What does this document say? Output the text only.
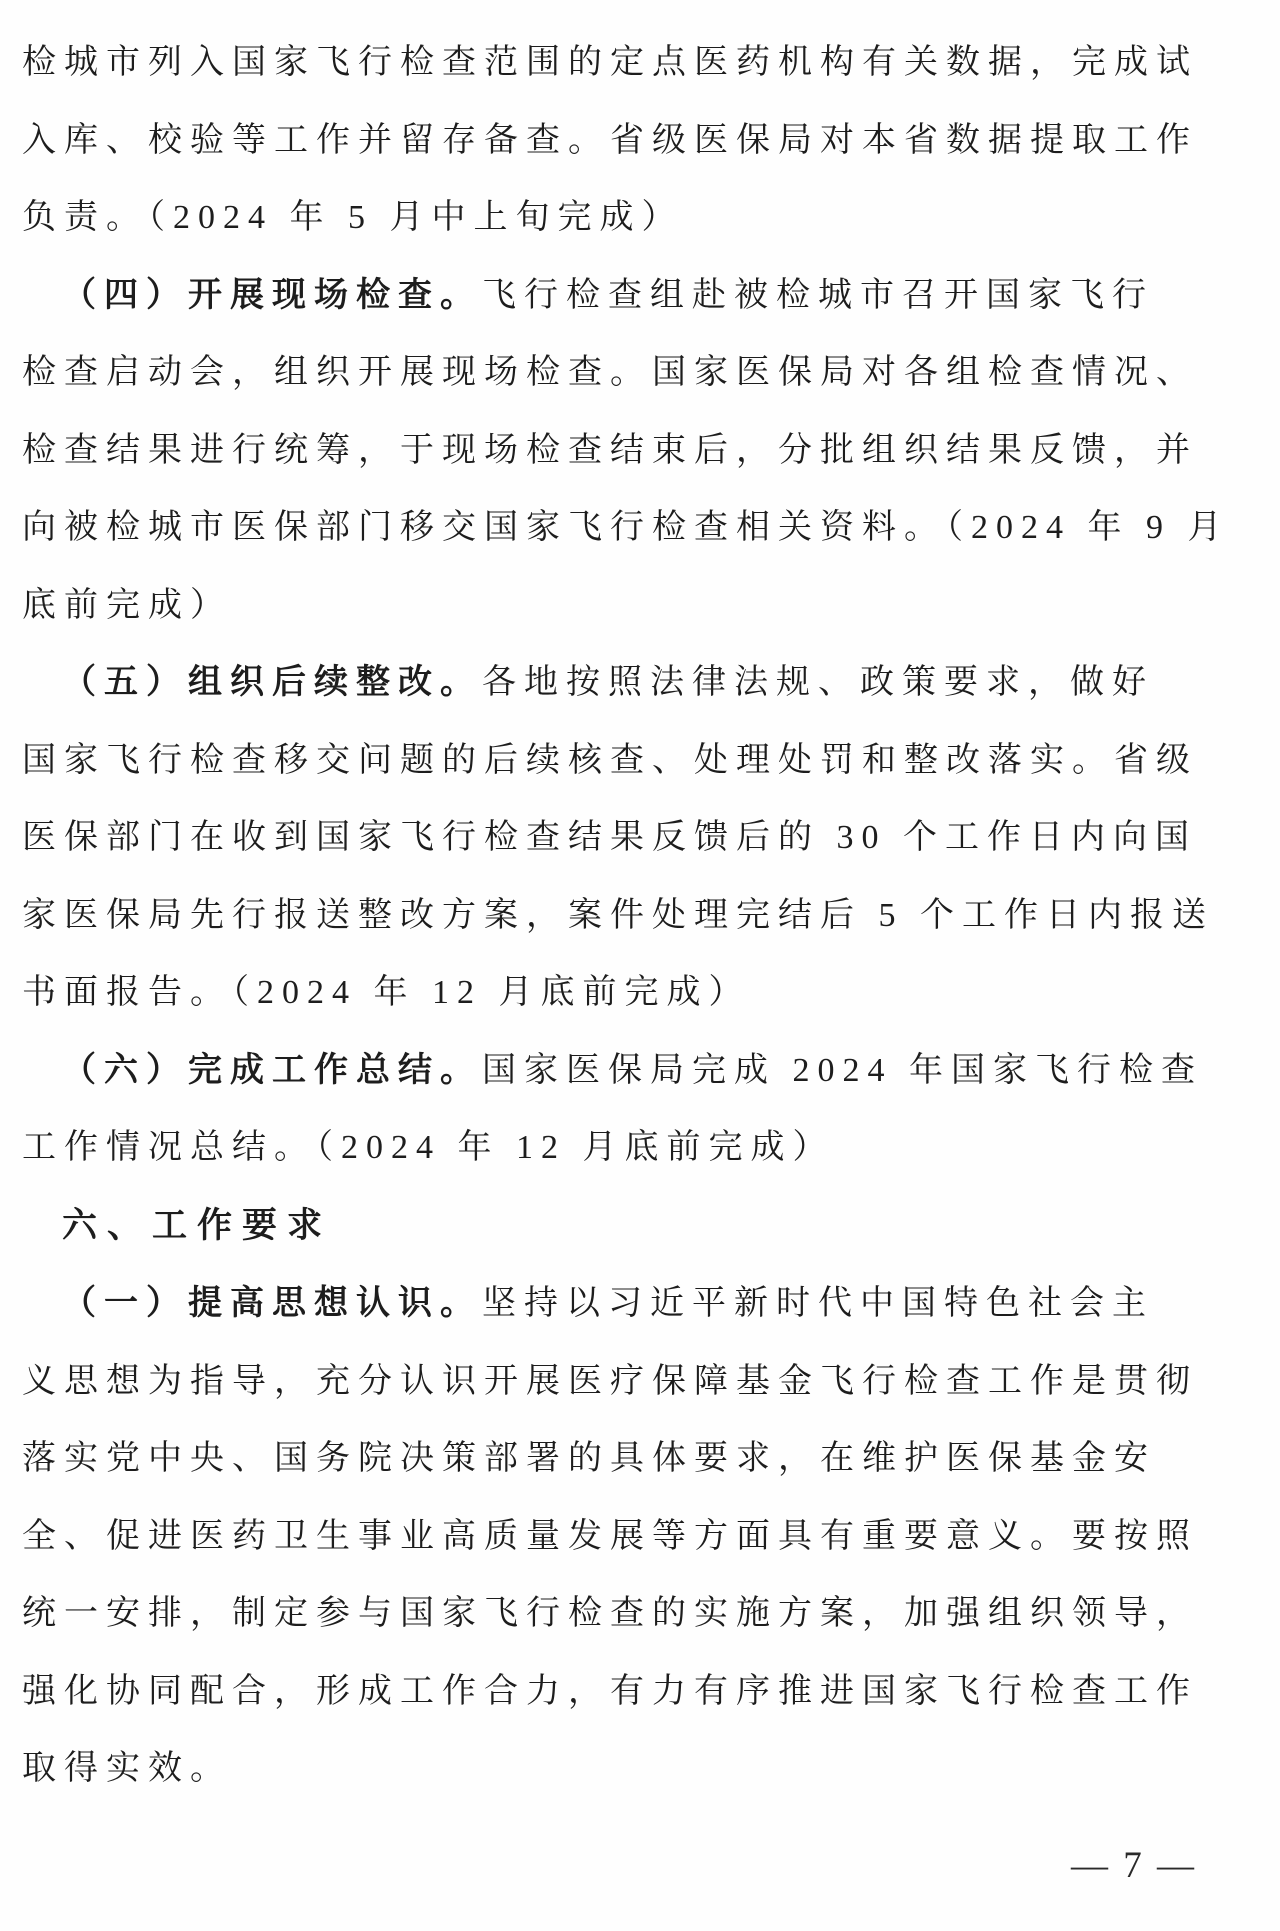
检城市列入国家飞行检查范围的定点医药机构有关数据，完成试
入库、校验等工作并留存备查。省级医保局对本省数据提取工作
负责。（2024 年 5 月中上旬完成）
（四）开展现场检查。飞行检查组赴被检城市召开国家飞行
检查启动会，组织开展现场检查。国家医保局对各组检查情况、
检查结果进行统筹，于现场检查结束后，分批组织结果反馈，并
向被检城市医保部门移交国家飞行检查相关资料。（2024 年 9 月
底前完成）
（五）组织后续整改。各地按照法律法规、政策要求，做好
国家飞行检查移交问题的后续核查、处理处罚和整改落实。省级
医保部门在收到国家飞行检查结果反馈后的 30 个工作日内向国
家医保局先行报送整改方案，案件处理完结后 5 个工作日内报送
书面报告。（2024 年 12 月底前完成）
（六）完成工作总结。国家医保局完成 2024 年国家飞行检查
工作情况总结。（2024 年 12 月底前完成）
六、工作要求
（一）提高思想认识。坚持以习近平新时代中国特色社会主
义思想为指导，充分认识开展医疗保障基金飞行检查工作是贯彻
落实党中央、国务院决策部署的具体要求，在维护医保基金安
全、促进医药卫生事业高质量发展等方面具有重要意义。要按照
统一安排，制定参与国家飞行检查的实施方案，加强组织领导，
强化协同配合，形成工作合力，有力有序推进国家飞行检查工作
取得实效。
— 7 —
